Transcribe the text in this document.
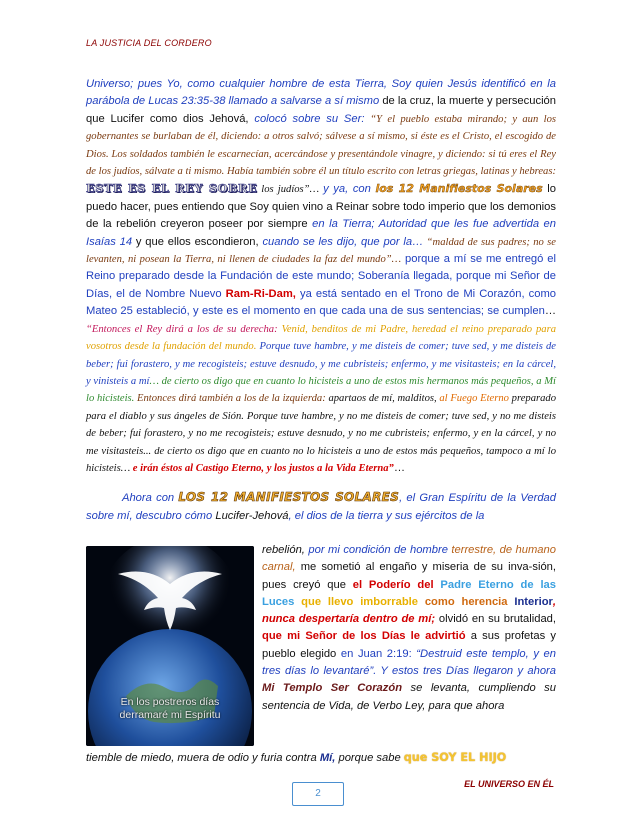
LA JUSTICIA DEL CORDERO

Universo; pues Yo, como cualquier hombre de esta Tierra, Soy quien Jesús identificó en la parábola de Lucas 23:35-38 llamado a salvarse a sí mismo de la cruz, la muerte y persecución que Lucifer como dios Jehová, colocó sobre su Ser: “Y el pueblo estaba mirando; y aun los gobernantes se burlaban de él, diciendo: a otros salvó; sálvese a sí mismo, si éste es el Cristo, el escogido de Dios. Los soldados también le escarnecían, acercándose y presentándole vinagre, y diciendo: si tú eres el Rey de los judíos, sálvate a ti mismo. Había también sobre él un título escrito con letras griegas, latinas y hebreas: ESTE ES EL REY SOBRE los judíos”… y ya, con los 12 Manifiestos Solares lo puedo hacer, pues entiendo que Soy quien vino a Reinar sobre todo imperio que los demonios de la rebelión creyeron poseer por siempre en la Tierra; Autoridad que les fue advertida en Isaías 14 y que ellos escondieron, cuando se les dijo, que por la… “maldad de sus padres; no se levanten, ni posean la Tierra, ni llenen de ciudades la faz del mundo”… porque a mí se me entregó el Reino preparado desde la Fundación de este mundo; Soberanía llegada, porque mi Señor de Días, el de Nombre Nuevo Ram-Ri-Dam, ya está sentado en el Trono de Mi Corazón, como Mateo 25 estableció, y este es el momento en que cada una de sus sentencias; se cumplen… “Entonces el Rey dirá a los de su derecha: Venid, benditos de mi Padre, heredad el reino preparado para vosotros desde la fundación del mundo. Porque tuve hambre, y me disteis de comer; tuve sed, y me disteis de beber; fui forastero, y me recogisteis; estuve desnudo, y me cubristeis; enfermo, y me visitasteis; en la cárcel, y vinisteis a mí… de cierto os digo que en cuanto lo hicisteis a uno de estos mis hermanos más pequeños, a Mí lo hicisteis. Entonces dirá también a los de la izquierda: apartaos de mí, malditos, al Fuego Eterno preparado para el diablo y sus ángeles de Sión. Porque tuve hambre, y no me disteis de comer; tuve sed, y no me disteis de beber; fui forastero, y no me recogisteis; estuve desnudo, y no me cubristeis; enfermo, y en la cárcel, y no me visitasteis... de cierto os digo que en cuanto no lo hicisteis a uno de estos más pequeños, tampoco a mí lo hicisteis… e irán éstos al Castigo Eterno, y los justos a la Vida Eterna”…

Ahora con LOS 12 MANIFIESTOS SOLARES, el Gran Espíritu de la Verdad sobre mí, descubro cómo Lucifer-Jehová, el dios de la tierra y sus ejércitos de la

En los postreros días
derramaré mi Espíritu
rebelión, por mi condición de hombre terrestre, de humano carnal, me sometió al engaño y miseria de su inva-sión, pues creyó que el Poderío del Padre Eterno de las Luces que llevo imborrable como herencia Interior, nunca despertaría dentro de mí; olvidó en su brutalidad, que mi Señor de los Días le advirtió a sus profetas y pueblo elegido en Juan 2:19: “Destruid este templo, y en tres días lo levantaré”. Y estos tres Días llegaron y ahora Mi Templo Ser Corazón se levanta, cumpliendo su sentencia de Vida, de Verbo Ley, para que ahora
tiemble de miedo, muera de odio y furia contra Mí, porque sabe que SOY EL HIJO
EL UNIVERSO EN ÉL
2
